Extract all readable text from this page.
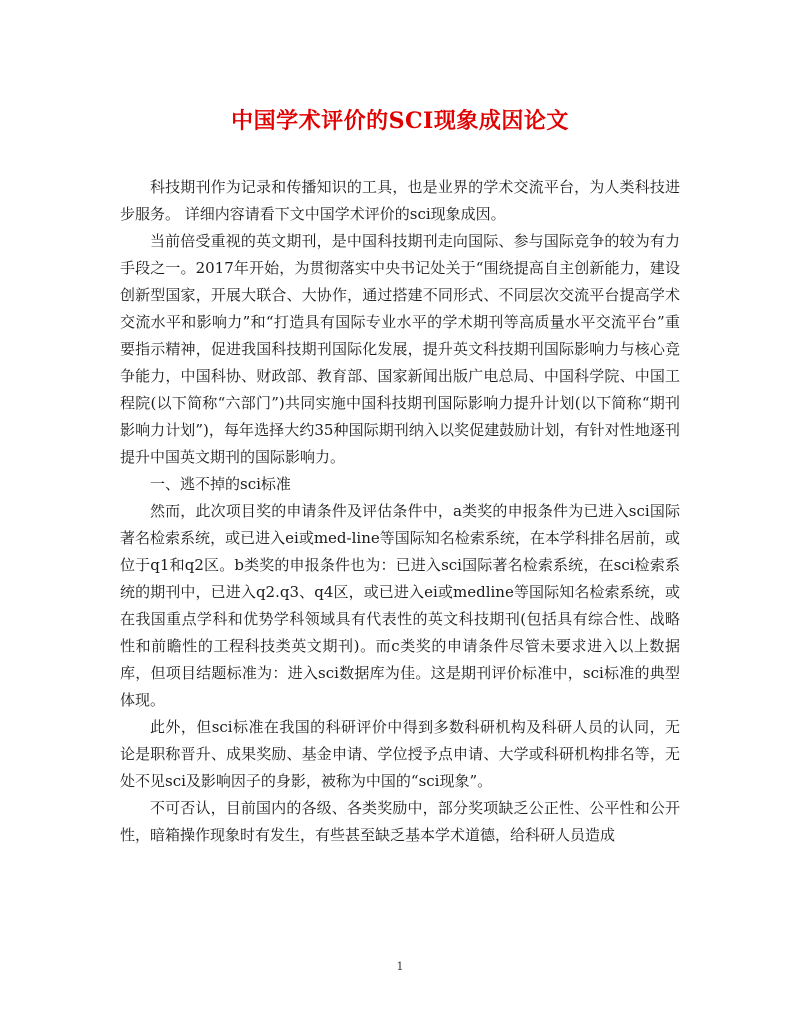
中国学术评价的SCI现象成因论文

科技期刊作为记录和传播知识的工具，也是业界的学术交流平台，为人类科技进步服务。 详细内容请看下文中国学术评价的sci现象成因。

当前倍受重视的英文期刊，是中国科技期刊走向国际、参与国际竞争的较为有力手段之一。2017年开始，为贯彻落实中央书记处关于“围绕提高自主创新能力，建设创新型国家，开展大联合、大协作，通过搭建不同形式、不同层次交流平台提高学术交流水平和影响力”和“打造具有国际专业水平的学术期刊等高质量水平交流平台”重要指示精神，促进我国科技期刊国际化发展，提升英文科技期刊国际影响力与核心竞争能力，中国科协、财政部、教育部、国家新闻出版广电总局、中国科学院、中国工程院(以下简称“六部门”)共同实施中国科技期刊国际影响力提升计划(以下简称“期刊影响力计划”)，每年选择大约35种国际期刊纳入以奖促建鼓励计划，有针对性地逐刊提升中国英文期刊的国际影响力。

一、逃不掉的sci标准

然而，此次项目奖的申请条件及评估条件中，a类奖的申报条件为已进入sci国际著名检索系统，或已进入ei或med-line等国际知名检索系统，在本学科排名居前，或位于q1和q2区。b类奖的申报条件也为：已进入sci国际著名检索系统，在sci检索系统的期刊中，已进入q2.q3、q4区，或已进入ei或medline等国际知名检索系统，或在我国重点学科和优势学科领域具有代表性的英文科技期刊(包括具有综合性、战略性和前瞻性的工程科技类英文期刊)。而c类奖的申请条件尽管未要求进入以上数据库，但项目结题标准为：进入sci数据库为佳。这是期刊评价标准中，sci标准的典型体现。

此外，但sci标准在我国的科研评价中得到多数科研机构及科研人员的认同，无论是职称晋升、成果奖励、基金申请、学位授予点申请、大学或科研机构排名等，无处不见sci及影响因子的身影，被称为中国的“sci现象”。

不可否认，目前国内的各级、各类奖励中，部分奖项缺乏公正性、公平性和公开性，暗箱操作现象时有发生，有些甚至缺乏基本学术道德，给科研人员造成

1
